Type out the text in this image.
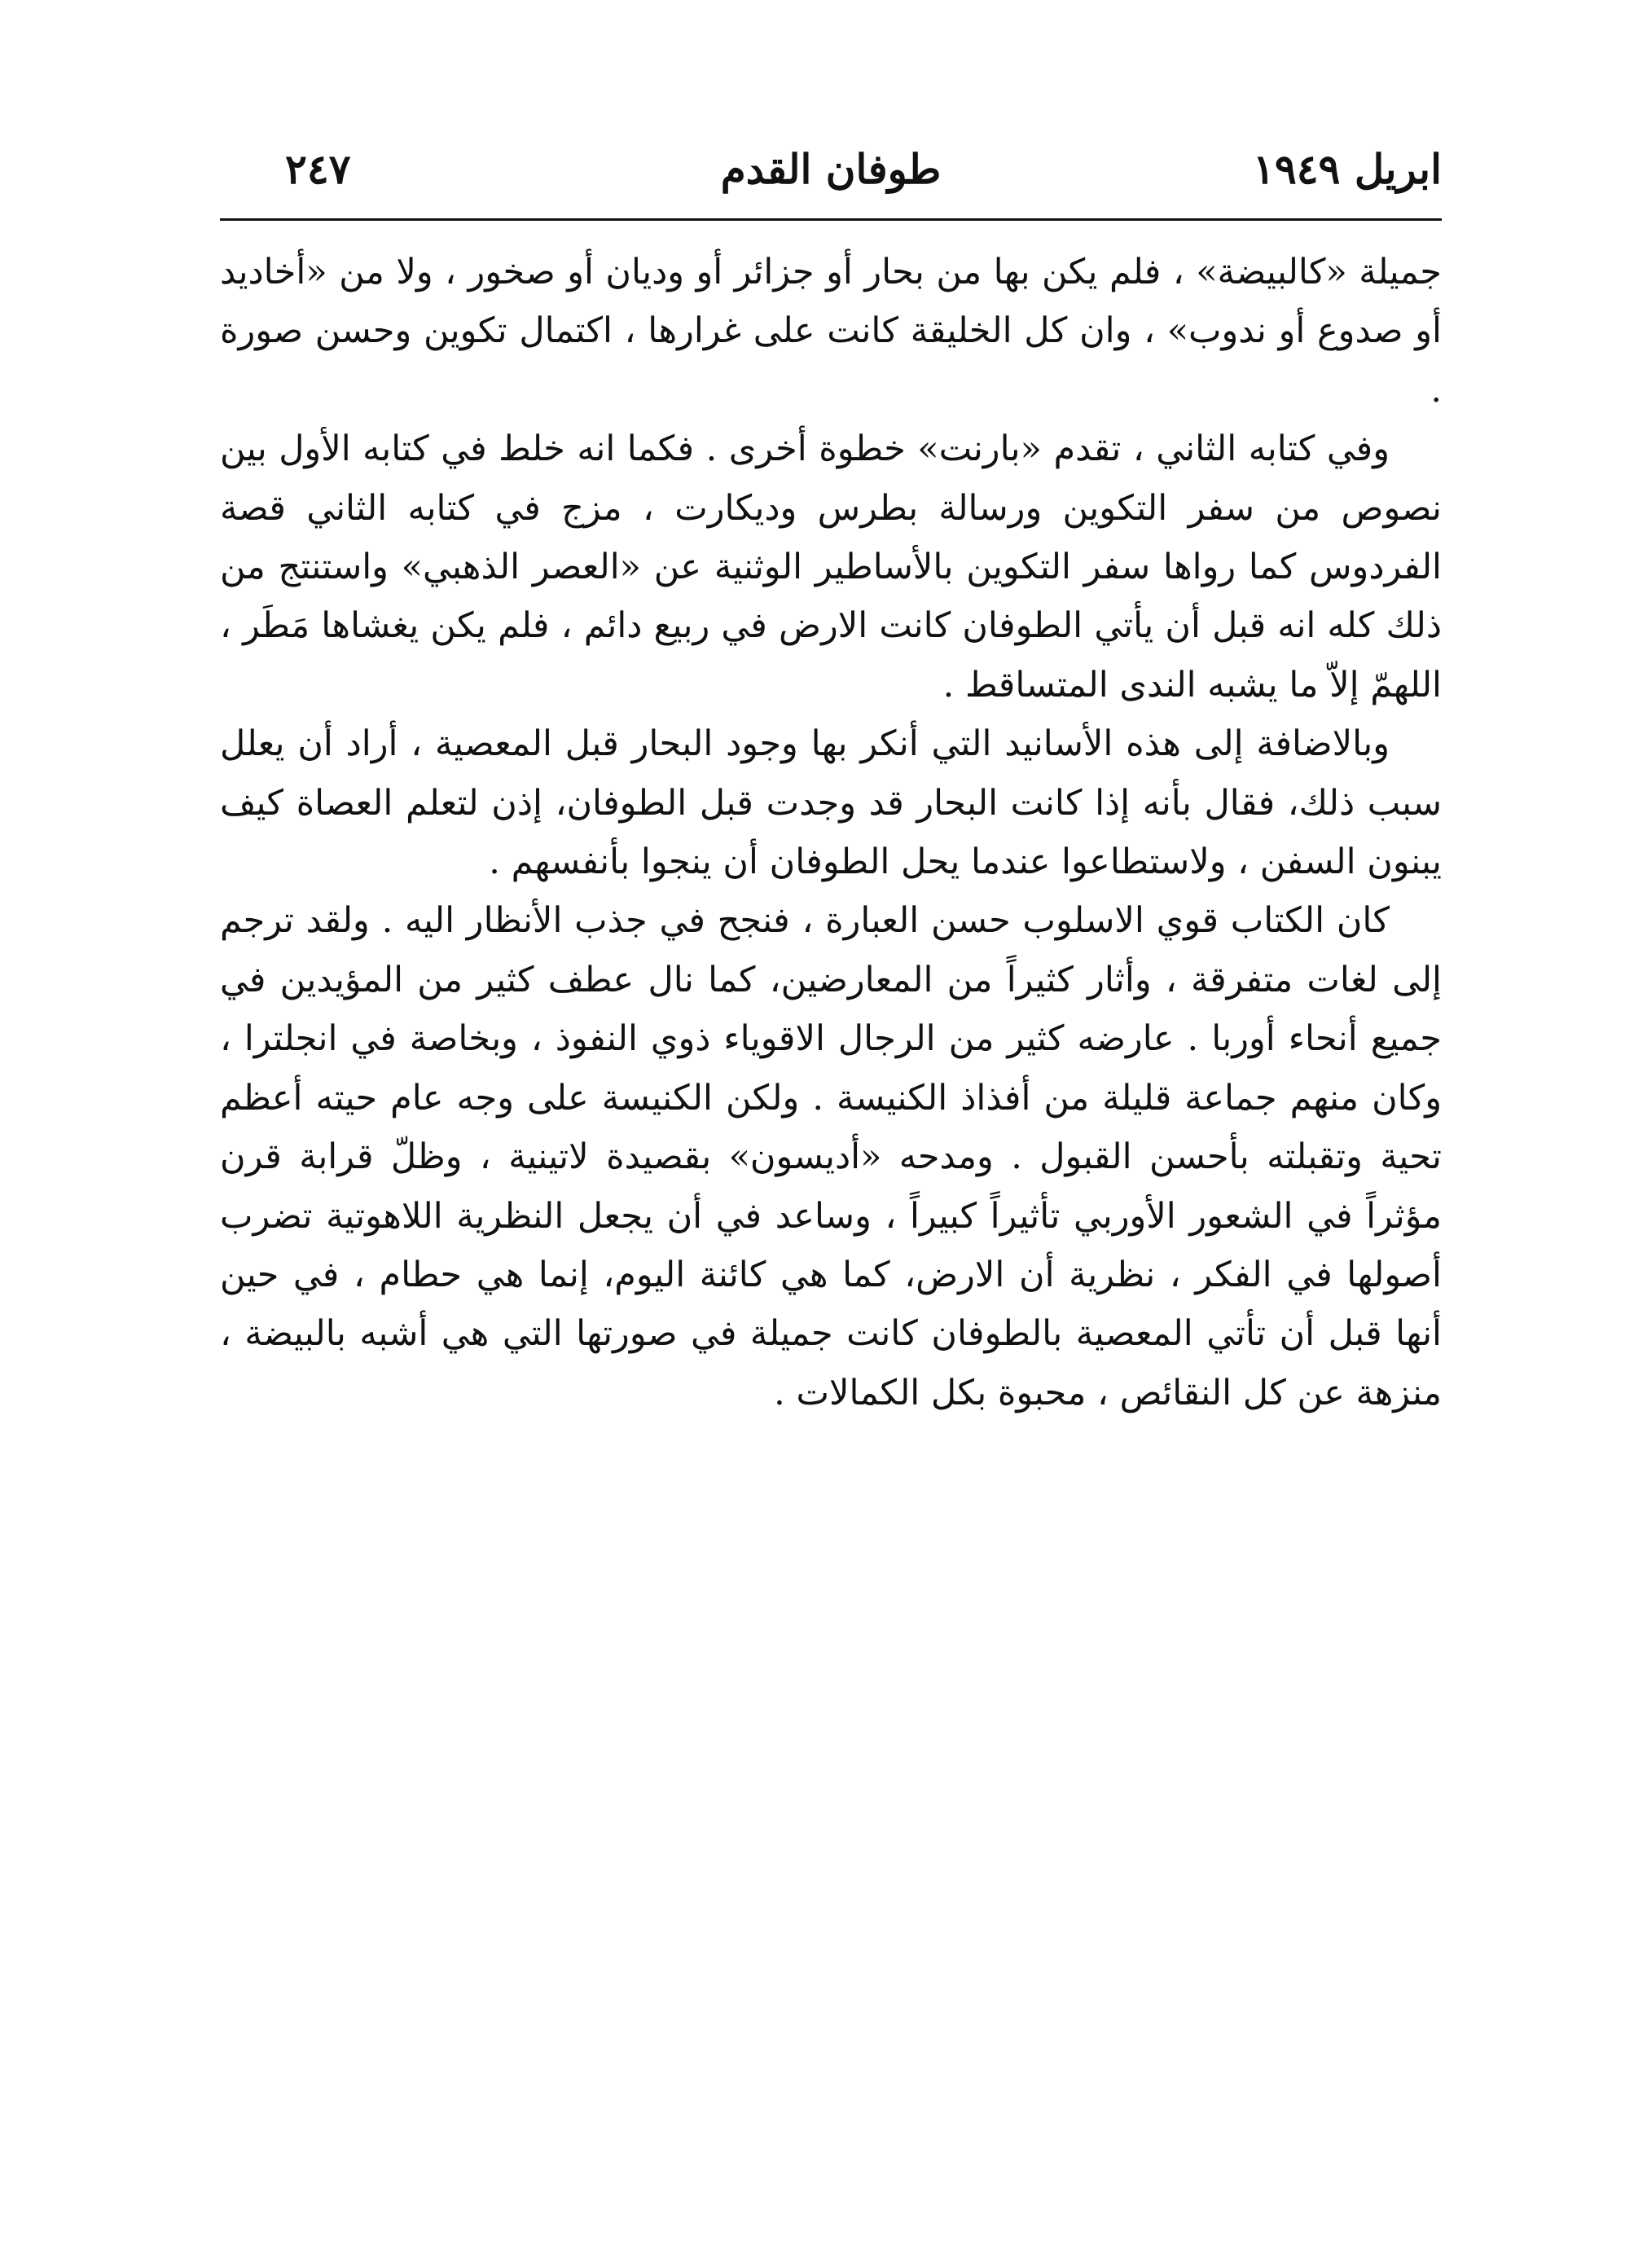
ابريل ١٩٤٩
طوفان القدم
٢٤٧

جميلة «كالبيضة» ، فلم يكن بها من بحار أو جزائر أو وديان أو صخور ، ولا من «أخاديد أو صدوع أو ندوب» ، وان كل الخليقة كانت على غرارها ، اكتمال تكوين وحسن صورة .

وفي كتابه الثاني ، تقدم «بارنت» خطوة أخرى . فكما انه خلط في كتابه الأول بين نصوص من سفر التكوين ورسالة بطرس وديكارت ، مزج في كتابه الثاني قصة الفردوس كما رواها سفر التكوين بالأساطير الوثنية عن «العصر الذهبي» واستنتج من ذلك كله انه قبل أن يأتي الطوفان كانت الارض في ربيع دائم ، فلم يكن يغشاها مَطَر ، اللهمّ إلاّ ما يشبه الندى المتساقط .

وبالاضافة إلى هذه الأسانيد التي أنكر بها وجود البحار قبل المعصية ، أراد أن يعلل سبب ذلك، فقال بأنه إذا كانت البحار قد وجدت قبل الطوفان، إذن لتعلم العصاة كيف يبنون السفن ، ولاستطاعوا عندما يحل الطوفان أن ينجوا بأنفسهم .

كان الكتاب قوي الاسلوب حسن العبارة ، فنجح في جذب الأنظار اليه . ولقد ترجم إلى لغات متفرقة ، وأثار كثيراً من المعارضين، كما نال عطف كثير من المؤيدين في جميع أنحاء أوربا . عارضه كثير من الرجال الاقوياء ذوي النفوذ ، وبخاصة في انجلترا ، وكان منهم جماعة قليلة من أفذاذ الكنيسة . ولكن الكنيسة على وجه عام حيته أعظم تحية وتقبلته بأحسن القبول . ومدحه «أديسون» بقصيدة لاتينية ، وظلّ قرابة قرن مؤثراً في الشعور الأوربي تأثيراً كبيراً ، وساعد في أن يجعل النظرية اللاهوتية تضرب أصولها في الفكر ، نظرية أن الارض، كما هي كائنة اليوم، إنما هي حطام ، في حين أنها قبل أن تأتي المعصية بالطوفان كانت جميلة في صورتها التي هي أشبه بالبيضة ، منزهة عن كل النقائص ، محبوة بكل الكمالات .
